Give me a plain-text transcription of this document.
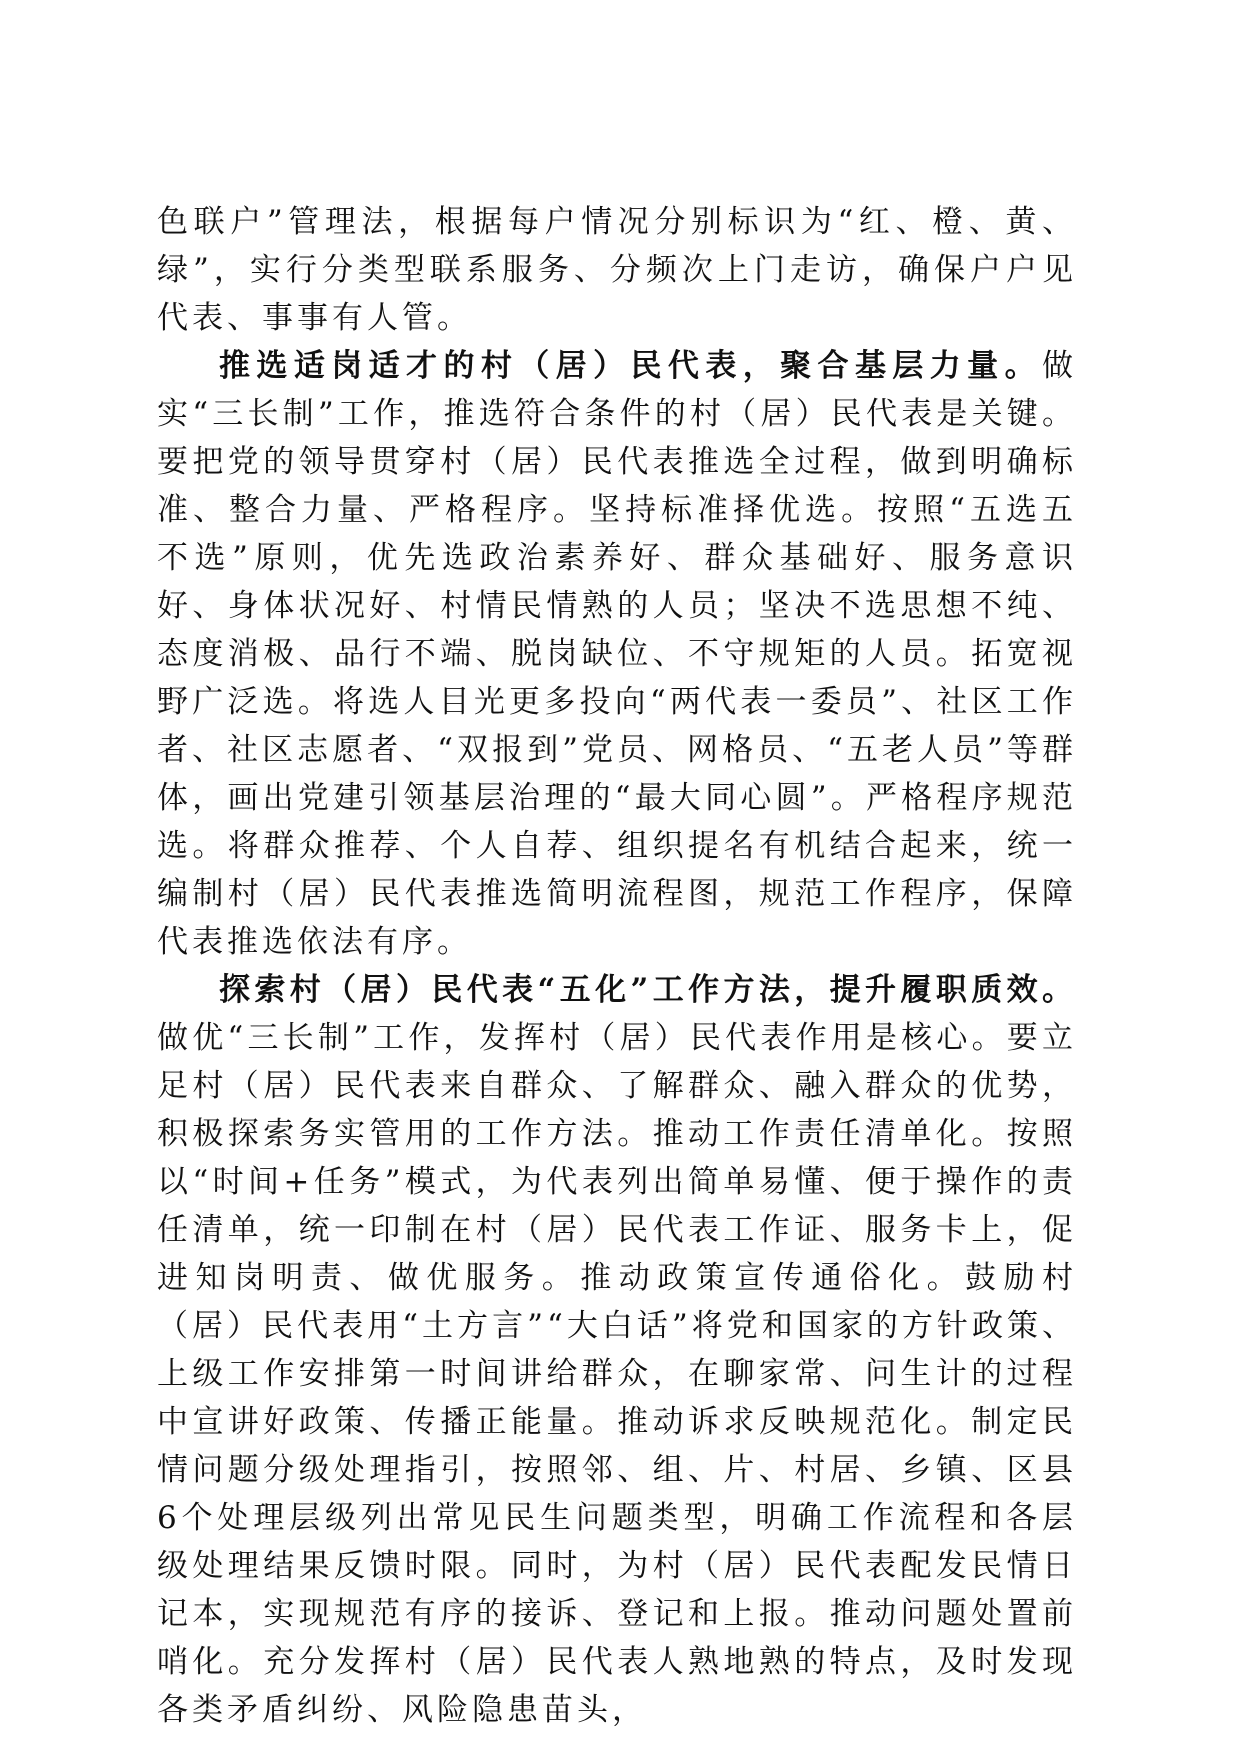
色联户”管理法，根据每户情况分别标识为“红、橙、黄、绿”，实行分类型联系服务、分频次上门走访，确保户户见代表、事事有人管。

推选适岗适才的村（居）民代表，聚合基层力量。做实“三长制”工作，推选符合条件的村（居）民代表是关键。要把党的领导贯穿村（居）民代表推选全过程，做到明确标准、整合力量、严格程序。坚持标准择优选。按照“五选五不选”原则，优先选政治素养好、群众基础好、服务意识好、身体状况好、村情民情熟的人员；坚决不选思想不纯、态度消极、品行不端、脱岗缺位、不守规矩的人员。拓宽视野广泛选。将选人目光更多投向“两代表一委员”、社区工作者、社区志愿者、“双报到”党员、网格员、“五老人员”等群体，画出党建引领基层治理的“最大同心圆”。严格程序规范选。将群众推荐、个人自荐、组织提名有机结合起来，统一编制村（居）民代表推选简明流程图，规范工作程序，保障代表推选依法有序。

探索村（居）民代表“五化”工作方法，提升履职质效。做优“三长制”工作，发挥村（居）民代表作用是核心。要立足村（居）民代表来自群众、了解群众、融入群众的优势，积极探索务实管用的工作方法。推动工作责任清单化。按照以“时间+任务”模式，为代表列出简单易懂、便于操作的责任清单，统一印制在村（居）民代表工作证、服务卡上，促进知岗明责、做优服务。推动政策宣传通俗化。鼓励村（居）民代表用“土方言”“大白话”将党和国家的方针政策、上级工作安排第一时间讲给群众，在聊家常、问生计的过程中宣讲好政策、传播正能量。推动诉求反映规范化。制定民情问题分级处理指引，按照邻、组、片、村居、乡镇、区县6个处理层级列出常见民生问题类型，明确工作流程和各层级处理结果反馈时限。同时，为村（居）民代表配发民情日记本，实现规范有序的接诉、登记和上报。推动问题处置前哨化。充分发挥村（居）民代表人熟地熟的特点，及时发现各类矛盾纠纷、风险隐患苗头，
